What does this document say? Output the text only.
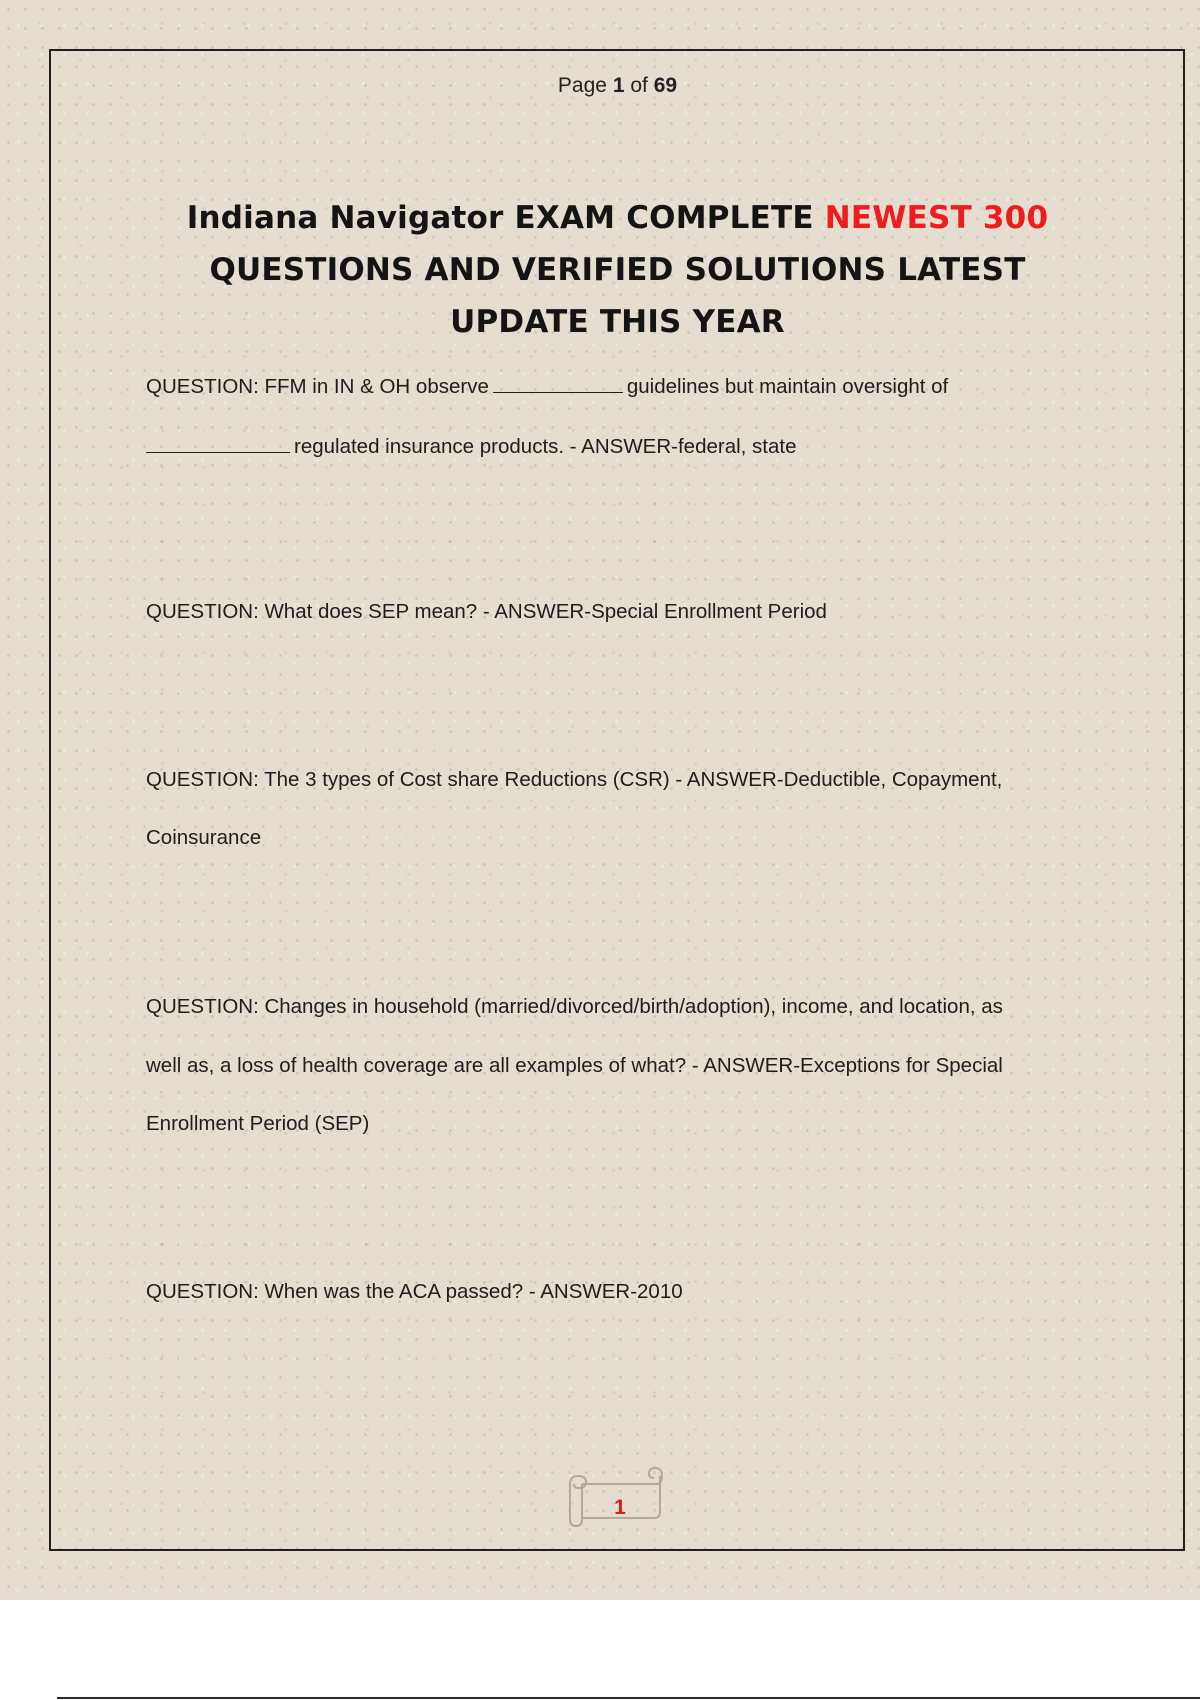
Page 1 of 69
Indiana Navigator EXAM COMPLETE NEWEST 300
QUESTIONS AND VERIFIED SOLUTIONS LATEST
UPDATE THIS YEAR
QUESTION: FFM in IN & OH observe	guidelines but maintain oversight of
regulated insurance products. - ANSWER-federal, state
QUESTION: What does SEP mean? - ANSWER-Special Enrollment Period
QUESTION: The 3 types of Cost share Reductions (CSR) - ANSWER-Deductible, Copayment,
Coinsurance
QUESTION: Changes in household (married/divorced/birth/adoption), income, and location, as
well as, a loss of health coverage are all examples of what? - ANSWER-Exceptions for Special
Enrollment Period (SEP)
QUESTION: When was the ACA passed? - ANSWER-2010
1
